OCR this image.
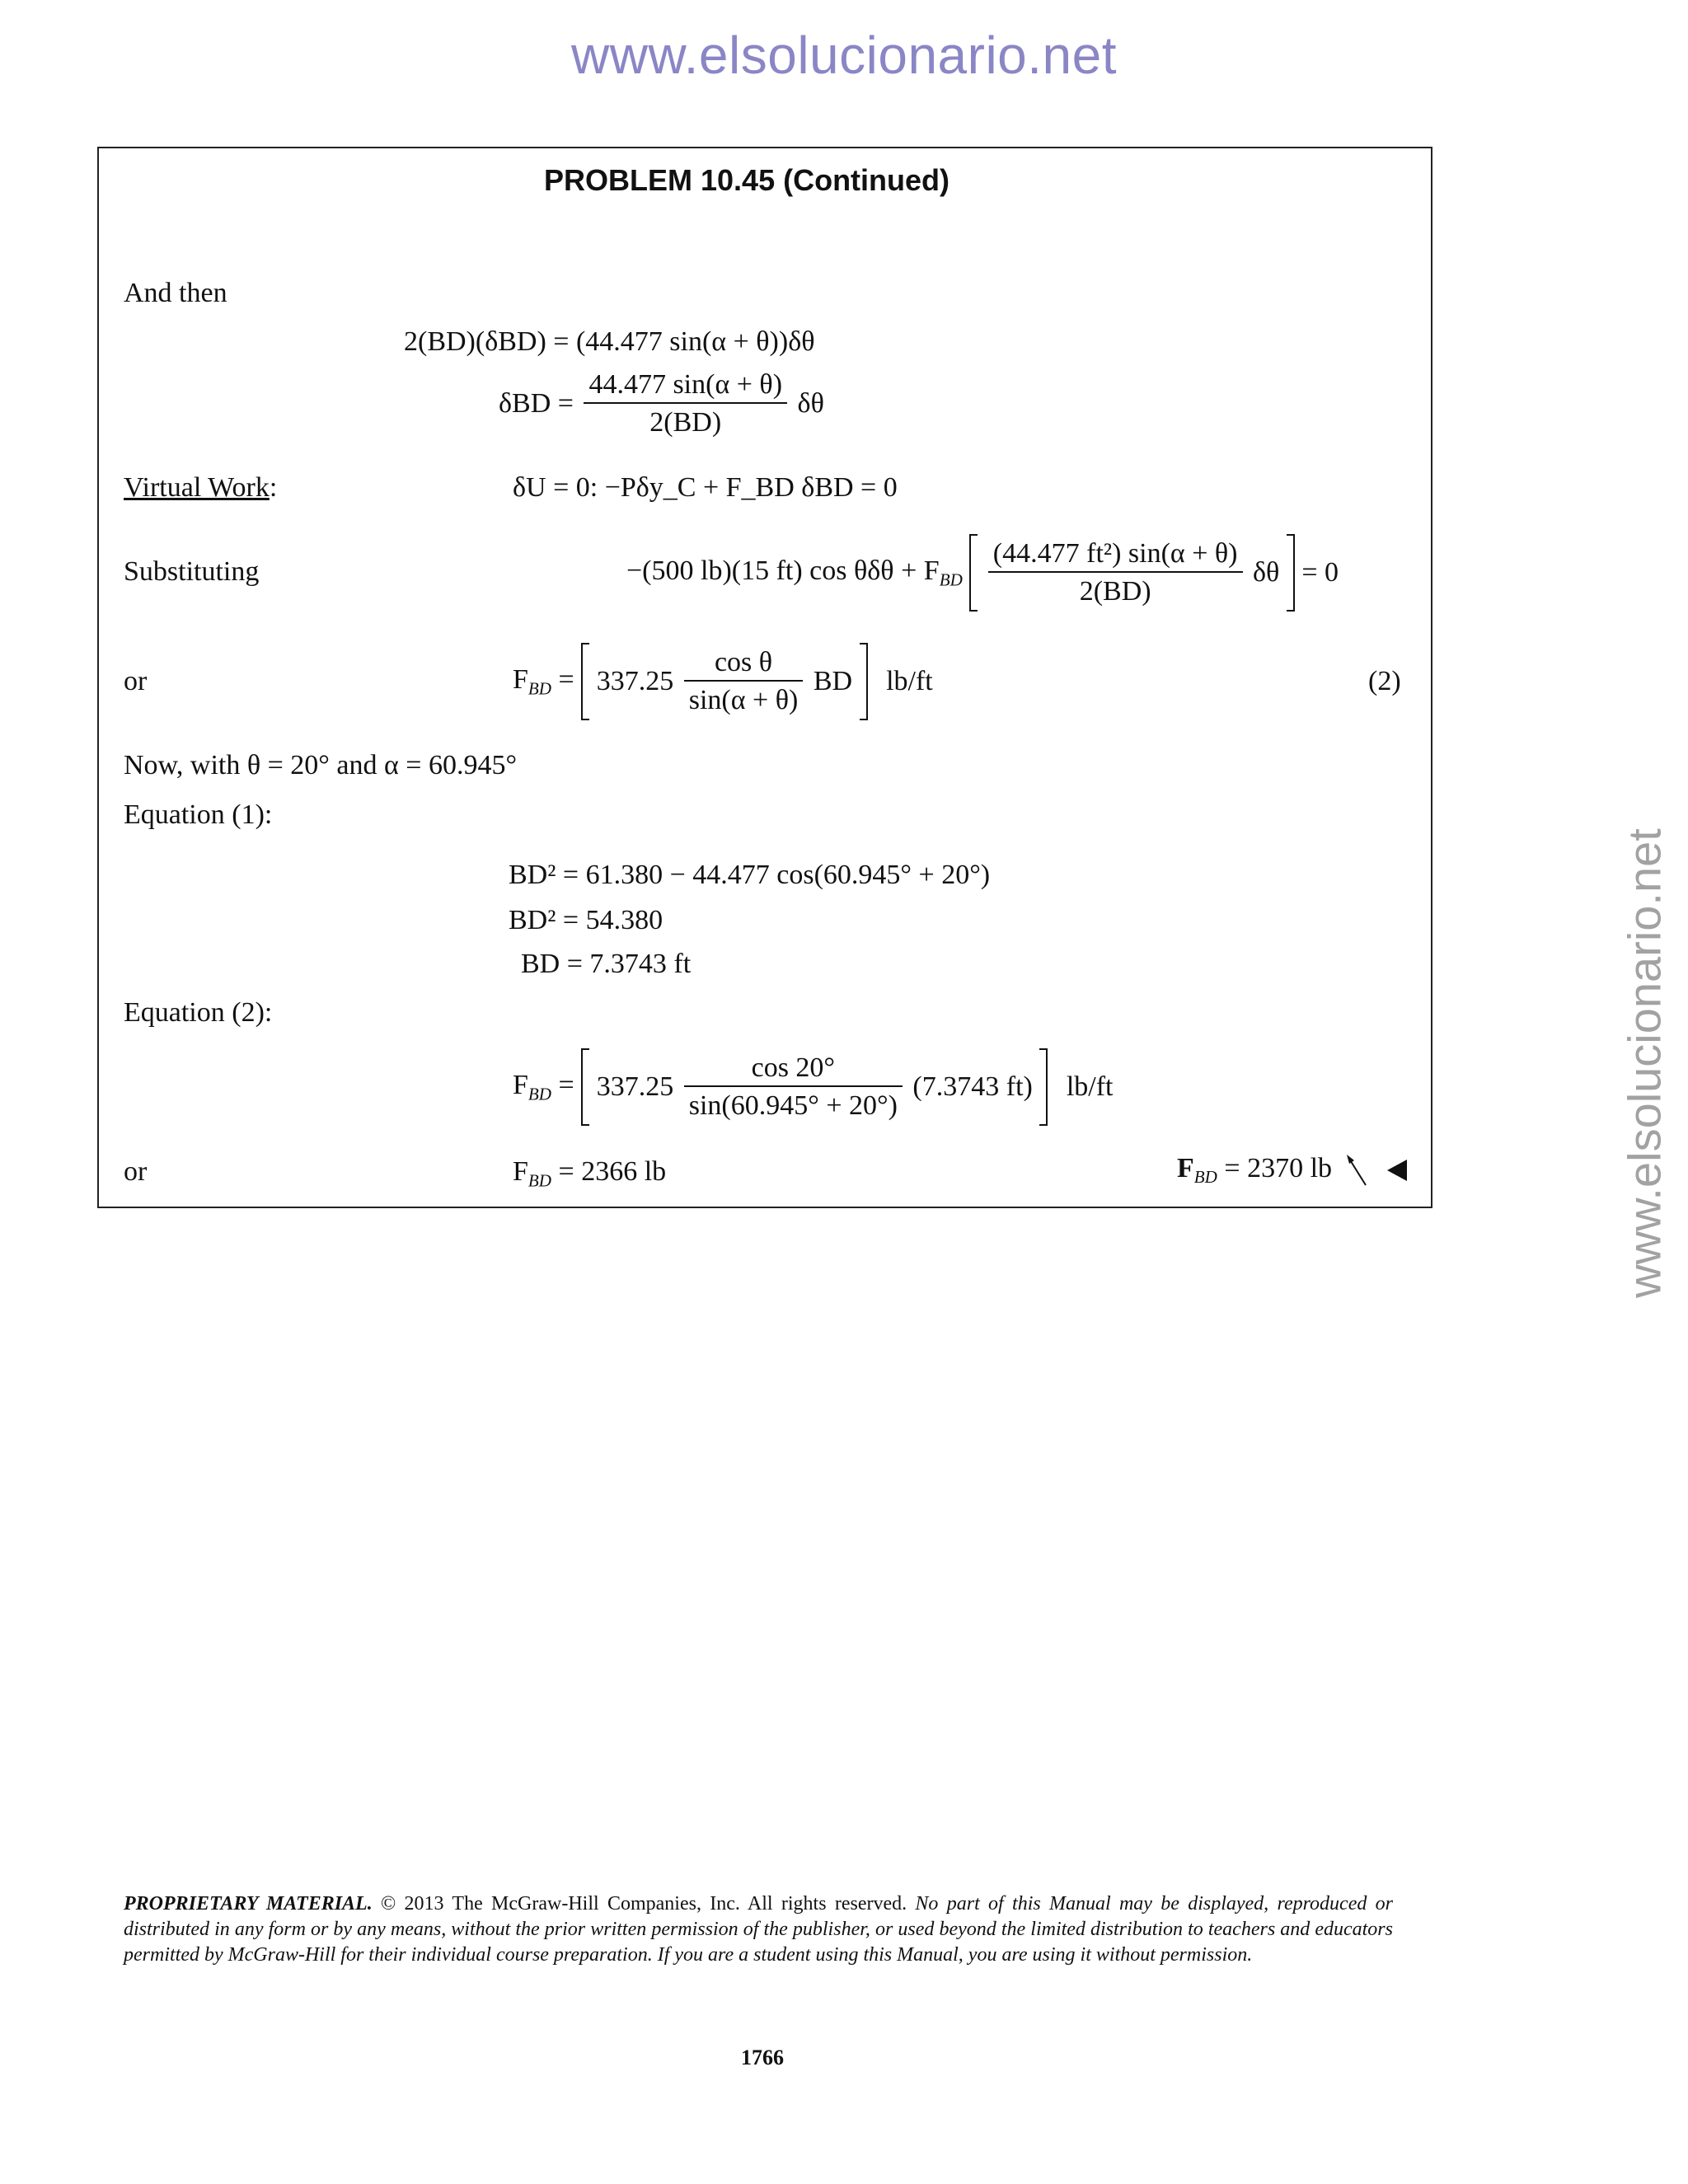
www.elsolucionario.net
www.elsolucionario.net
PROBLEM 10.45 (Continued)
And then
2(BD)(δBD) = (44.477 sin(α + θ))δθ
$\delta BD = \frac{44.477 \sin(\alpha + \theta)}{2(BD)}$ δθ
Virtual Work:	δU = 0: −Pδy_C + F_BD δBD = 0
Substituting	−(500 lb)(15 ft) $\cos \theta\delta\theta + F_{BD} \frac{\text{(44.477 ft²) sin(α + θ)}}{2(BD)}$ δθ = 0
or	$F_{BD} = 337.25 \frac{\text{cos θ}}{\sin(\alpha + \theta)}$ BD lb/ft	(2)
Now, with θ = 20° and α = 60.945°
Equation (1):
BD² = 61.380 − 44.477 cos(60.945° + 20°)
BD² = 54.380
BD = 7.3743 ft
Equation (2):
$F_{BD} = 337.25 \frac{\cos 20^\circ}{\sin(60.945^\circ + 20^\circ)} (7.3743$ ft) lb/ft
or	$F_{BD} = 2366$ lb	$F_{BD} = 2370$ lb
PROPRIETARY MATERIAL. © 2013 The McGraw-Hill Companies, Inc. All rights reserved. No part of this Manual may be displayed, reproduced or distributed in any form or by any means, without the prior written permission of the publisher, or used beyond the limited distribution to teachers and educators permitted by McGraw-Hill for their individual course preparation. If you are a student using this Manual, you are using it without permission.
1766
